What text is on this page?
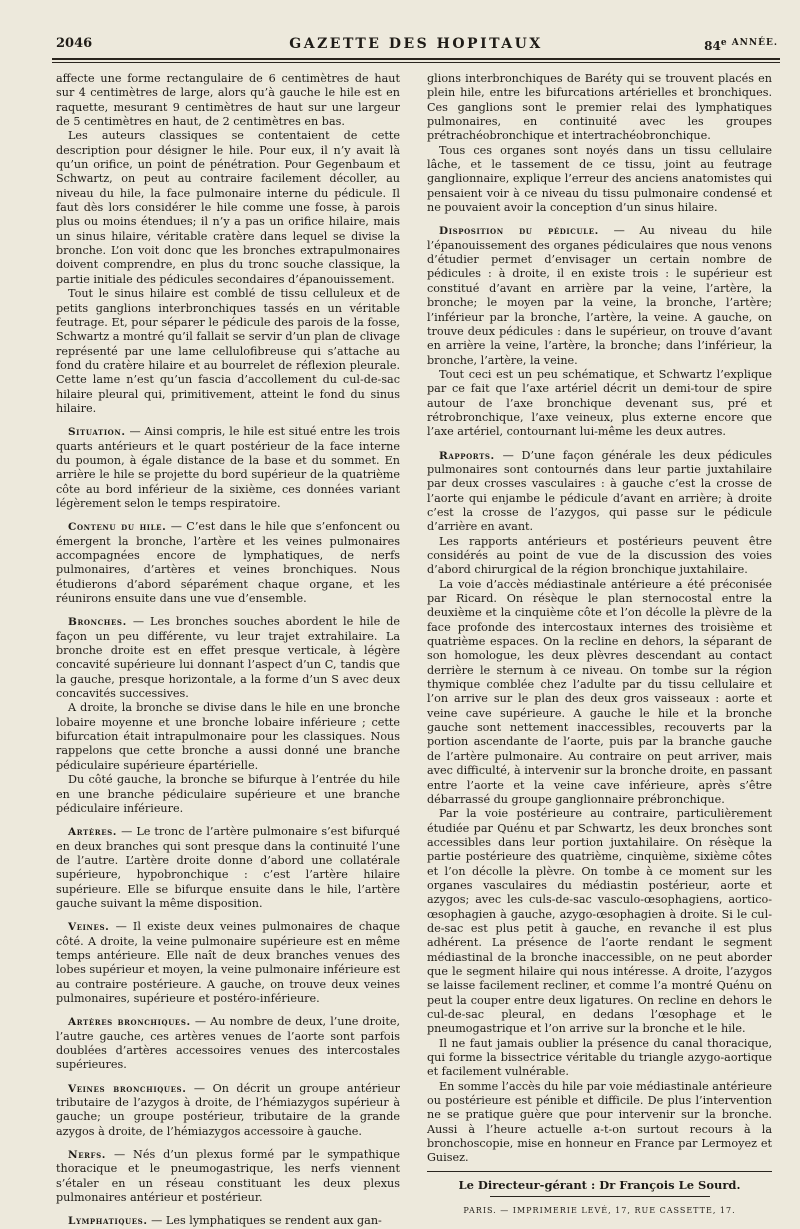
2046	GAZETTE DES HOPITAUX	$84^{e ANNÉE.}$

affecte une forme rectangulaire de 6 centimètres de haut sur 4 centimètres de large, alors qu’à gauche le hile est en raquette, mesurant 9 centimètres de haut sur une largeur de 5 centimètres en haut, de 2 centimètres en bas.

Les auteurs classiques se contentaient de cette description pour désigner le hile. Pour eux, il n’y avait là qu’un orifice, un point de pénétration. Pour Gegenbaum et Schwartz, on peut au contraire facilement décoller, au niveau du hile, la face pulmonaire interne du pédicule. Il faut dès lors considérer le hile comme une fosse, à parois plus ou moins étendues; il n’y a pas un orifice hilaire, mais un sinus hilaire, véritable cratère dans lequel se divise la bronche. L’on voit donc que les bronches extrapulmonaires doivent comprendre, en plus du tronc souche classique, la partie initiale des pédicules secondaires d’épanouissement.

Tout le sinus hilaire est comblé de tissu celluleux et de petits ganglions interbronchiques tassés en un véritable feutrage. Et, pour séparer le pédicule des parois de la fosse, Schwartz a montré qu’il fallait se servir d’un plan de clivage représenté par une lame cellulofibreuse qui s’attache au fond du cratère hilaire et au bourrelet de réflexion pleurale. Cette lame n’est qu’un fascia d’accollement du cul-de-sac hilaire pleural qui, primitivement, atteint le fond du sinus hilaire.

Situation. — Ainsi compris, le hile est situé entre les trois quarts antérieurs et le quart postérieur de la face interne du poumon, à égale distance de la base et du sommet. En arrière le hile se projette du bord supérieur de la quatrième côte au bord inférieur de la sixième, ces données variant légèrement selon le temps respiratoire.

Contenu du hile. — C’est dans le hile que s’enfoncent ou émergent la bronche, l’artère et les veines pulmonaires accompagnées encore de lymphatiques, de nerfs pulmonaires, d’artères et veines bronchiques. Nous étudierons d’abord séparément chaque organe, et les réunirons ensuite dans une vue d’ensemble.

Bronches. — Les bronches souches abordent le hile de façon un peu différente, vu leur trajet extrahilaire. La bronche droite est en effet presque verticale, à légère concavité supérieure lui donnant l’aspect d’un C, tandis que la gauche, presque horizontale, a la forme d’un S avec deux concavités successives.

A droite, la bronche se divise dans le hile en une bronche lobaire moyenne et une bronche lobaire inférieure ; cette bifurcation était intrapulmonaire pour les classiques. Nous rappelons que cette bronche a aussi donné une branche pédiculaire supérieure épartérielle.

Du côté gauche, la bronche se bifurque à l’entrée du hile en une branche pédiculaire supérieure et une branche pédiculaire inférieure.

Artères. — Le tronc de l’artère pulmonaire s’est bifurqué en deux branches qui sont presque dans la continuité l’une de l’autre. L’artère droite donne d’abord une collatérale supérieure, hypobronchique : c’est l’artère hilaire supérieure. Elle se bifurque ensuite dans le hile, l’artère gauche suivant la même disposition.

Veines. — Il existe deux veines pulmonaires de chaque côté. A droite, la veine pulmonaire supérieure est en même temps antérieure. Elle naît de deux branches venues des lobes supérieur et moyen, la veine pulmonaire inférieure est au contraire postérieure. A gauche, on trouve deux veines pulmonaires, supérieure et postéro-inférieure.

Artères bronchiques. — Au nombre de deux, l’une droite, l’autre gauche, ces artères venues de l’aorte sont parfois doublées d’artères accessoires venues des intercostales supérieures.

Veines bronchiques. — On décrit un groupe antérieur tributaire de l’azygos à droite, de l’hémiazygos supérieur à gauche; un groupe postérieur, tributaire de la grande azygos à droite, de l’hémiazygos accessoire à gauche.

Nerfs. — Nés d’un plexus formé par le sympathique thoracique et le pneumogastrique, les nerfs viennent s’étaler en un réseau constituant les deux plexus pulmonaires antérieur et postérieur.

Lymphatiques. — Les lymphatiques se rendent aux gan-

glions interbronchiques de Baréty qui se trouvent placés en plein hile, entre les bifurcations artérielles et bronchiques. Ces ganglions sont le premier relai des lymphatiques pulmonaires, en continuité avec les groupes prétrachéobronchique et intertrachéobronchique.

Tous ces organes sont noyés dans un tissu cellulaire lâche, et le tassement de ce tissu, joint au feutrage ganglionnaire, explique l’erreur des anciens anatomistes qui pensaient voir à ce niveau du tissu pulmonaire condensé et ne pouvaient avoir la conception d’un sinus hilaire.

Disposition du pédicule. — Au niveau du hile l’épanouissement des organes pédiculaires que nous venons d’étudier permet d’envisager un certain nombre de pédicules : à droite, il en existe trois : le supérieur est constitué d’avant en arrière par la veine, l’artère, la bronche; le moyen par la veine, la bronche, l’artère; l’inférieur par la bronche, l’artère, la veine. A gauche, on trouve deux pédicules : dans le supérieur, on trouve d’avant en arrière la veine, l’artère, la bronche; dans l’inférieur, la bronche, l’artère, la veine.

Tout ceci est un peu schématique, et Schwartz l’explique par ce fait que l’axe artériel décrit un demi-tour de spire autour de l’axe bronchique devenant sus, pré et rétrobronchique, l’axe veineux, plus externe encore que l’axe artériel, contournant lui-même les deux autres.

Rapports. — D’une façon générale les deux pédicules pulmonaires sont contournés dans leur partie juxtahilaire par deux crosses vasculaires : à gauche c’est la crosse de l’aorte qui enjambe le pédicule d’avant en arrière; à droite c’est la crosse de l’azygos, qui passe sur le pédicule d’arrière en avant.

Les rapports antérieurs et postérieurs peuvent être considérés au point de vue de la discussion des voies d’abord chirurgical de la région bronchique juxtahilaire.

La voie d’accès médiastinale antérieure a été préconisée par Ricard. On résèque le plan sternocostal entre la deuxième et la cinquième côte et l’on décolle la plèvre de la face profonde des intercostaux internes des troisième et quatrième espaces. On la recline en dehors, la séparant de son homologue, les deux plèvres descendant au contact derrière le sternum à ce niveau. On tombe sur la région thymique comblée chez l’adulte par du tissu cellulaire et l’on arrive sur le plan des deux gros vaisseaux : aorte et veine cave supérieure. A gauche le hile et la bronche gauche sont nettement inaccessibles, recouverts par la portion ascendante de l’aorte, puis par la branche gauche de l’artère pulmonaire. Au contraire on peut arriver, mais avec difficulté, à intervenir sur la bronche droite, en passant entre l’aorte et la veine cave inférieure, après s’être débarrassé du groupe ganglionnaire prébronchique.

Par la voie postérieure au contraire, particulièrement étudiée par Quénu et par Schwartz, les deux bronches sont accessibles dans leur portion juxtahilaire. On résèque la partie postérieure des quatrième, cinquième, sixième côtes et l’on décolle la plèvre. On tombe à ce moment sur les organes vasculaires du médiastin postérieur, aorte et azygos; avec les culs-de-sac vasculo-œsophagiens, aortico-œsophagien à gauche, azygo-œsophagien à droite. Si le cul-de-sac est plus petit à gauche, en revanche il est plus adhérent. La présence de l’aorte rendant le segment médiastinal de la bronche inaccessible, on ne peut aborder que le segment hilaire qui nous intéresse. A droite, l’azygos se laisse facilement recliner, et comme l’a montré Quénu on peut la couper entre deux ligatures. On recline en dehors le cul-de-sac pleural, en dedans l’œsophage et le pneumogastrique et l’on arrive sur la bronche et le hile.

Il ne faut jamais oublier la présence du canal thoracique, qui forme la bissectrice véritable du triangle azygo-aortique et facilement vulnérable.

En somme l’accès du hile par voie médiastinale antérieure ou postérieure est pénible et difficile. De plus l’intervention ne se pratique guère que pour intervenir sur la bronche. Aussi à l’heure actuelle a-t-on surtout recours à la bronchoscopie, mise en honneur en France par Lermoyez et Guisez.

Le Directeur-gérant : Dr François Le Sourd.
PARIS. — IMPRIMERIE LEVÉ, 17, RUE CASSETTE, 17.
